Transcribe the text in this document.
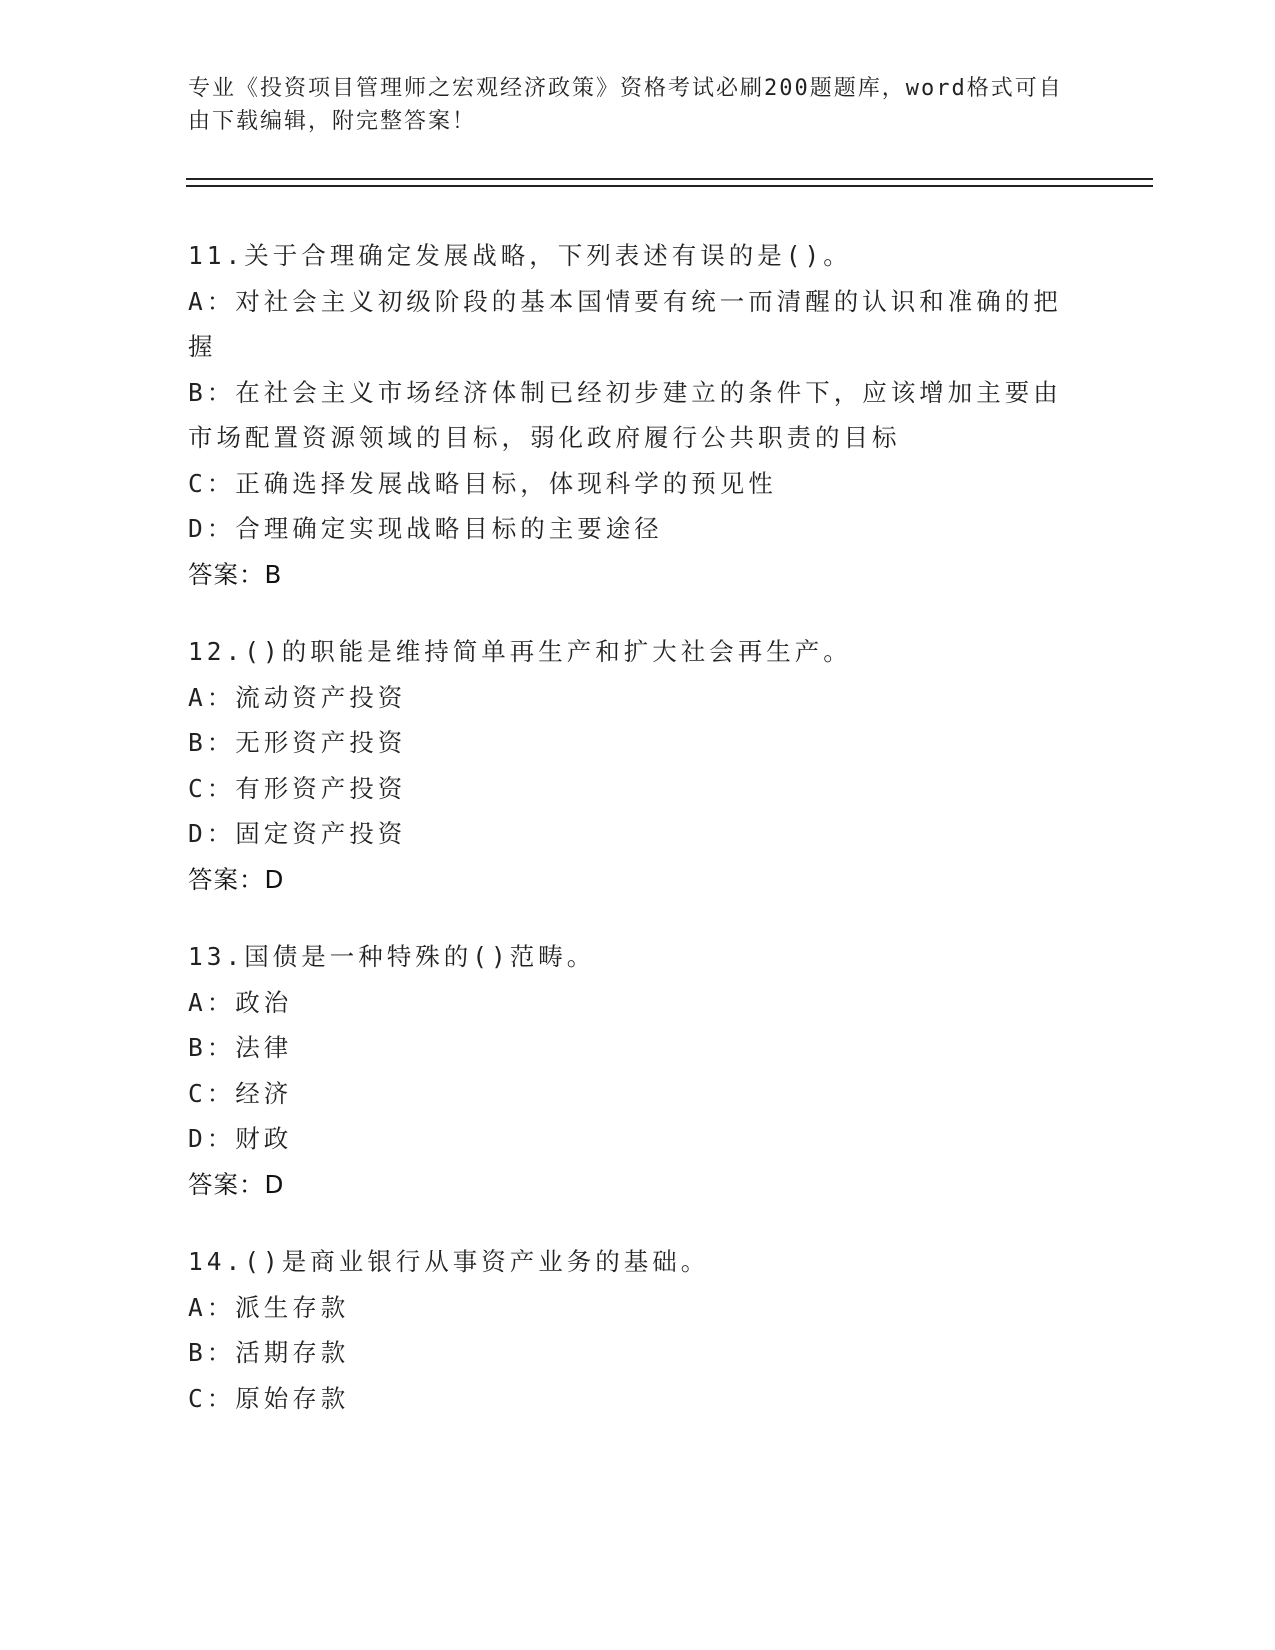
专业《投资项目管理师之宏观经济政策》资格考试必刷200题题库，word格式可自由下载编辑，附完整答案！
11.关于合理确定发展战略，下列表述有误的是()。
A：对社会主义初级阶段的基本国情要有统一而清醒的认识和准确的把握
B：在社会主义市场经济体制已经初步建立的条件下，应该增加主要由市场配置资源领域的目标，弱化政府履行公共职责的目标
C：正确选择发展战略目标，体现科学的预见性
D：合理确定实现战略目标的主要途径
答案：B
12.()的职能是维持简单再生产和扩大社会再生产。
A：流动资产投资
B：无形资产投资
C：有形资产投资
D：固定资产投资
答案：D
13.国债是一种特殊的()范畴。
A：政治
B：法律
C：经济
D：财政
答案：D
14.()是商业银行从事资产业务的基础。
A：派生存款
B：活期存款
C：原始存款
